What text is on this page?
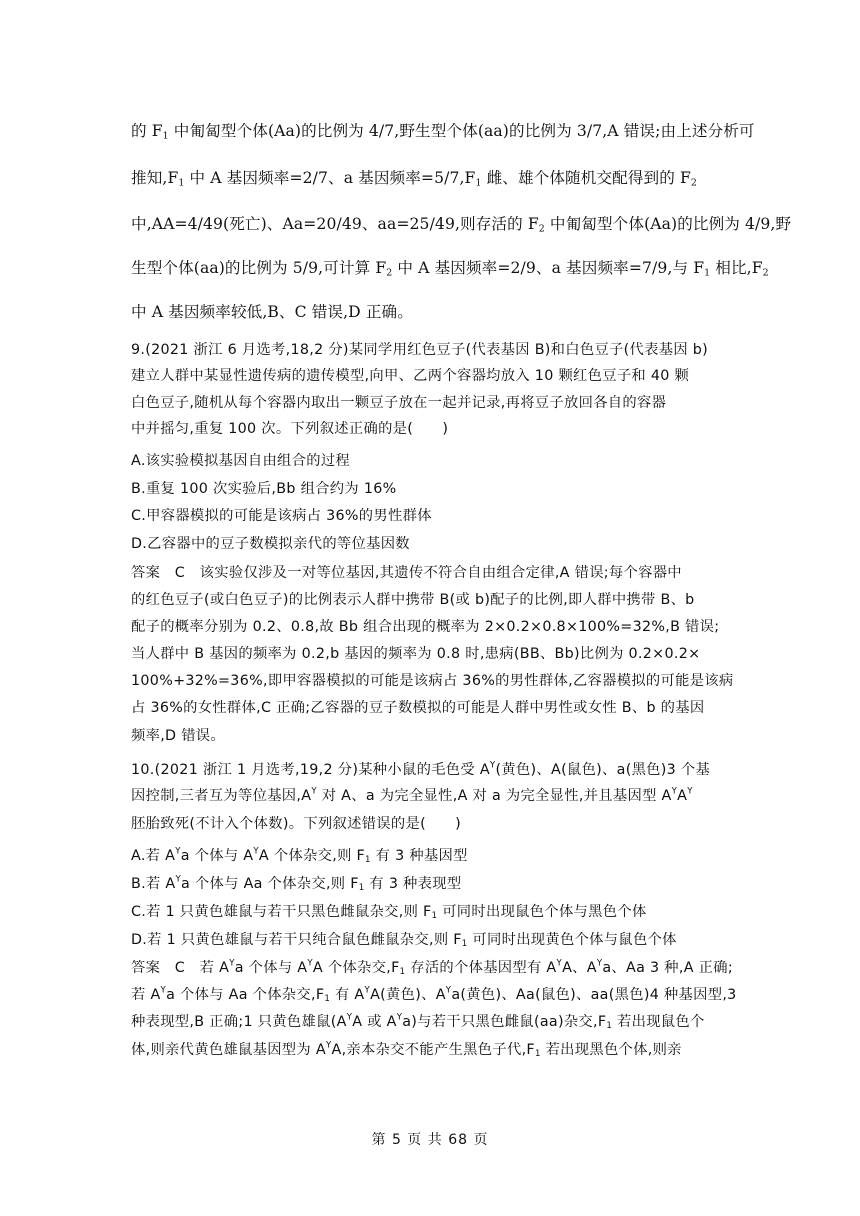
的 $F_1$ 中匍匐型个体(Aa)的比例为 4/7,野生型个体(aa)的比例为 3/7,A 错误;由上述分析可
推知$,F_1$ 中 A 基因频率=2/7、a 基因频率$=5/7,F_1$ 雌、雄个体随机交配得到的 $F_2$
中,AA=4/49(死亡)、Aa=20/49、aa=25/49,则存活的 $F_2$ 中匍匐型个体(Aa)的比例为 4/9,野
生型个体(aa)的比例为 5/9,可计算 $F_2$ 中 A 基因频率=2/9、a 基因频率=7/9,与 $F_1$ 相比$,F_2$
中 A 基因频率较低,B、C 错误,D 正确。
9.(2021 浙江 6 月选考,18,2 分)某同学用红色豆子(代表基因 B)和白色豆子(代表基因 b)
建立人群中某显性遗传病的遗传模型,向甲、乙两个容器均放入 10 颗红色豆子和 40 颗
白色豆子,随机从每个容器内取出一颗豆子放在一起并记录,再将豆子放回各自的容器
中并摇匀,重复 100 次。下列叙述正确的是(　　)
A.该实验模拟基因自由组合的过程
B.重复 100 次实验后,Bb 组合约为 16%
C.甲容器模拟的可能是该病占 36%的男性群体
D.乙容器中的豆子数模拟亲代的等位基因数
答案　C　该实验仅涉及一对等位基因,其遗传不符合自由组合定律,A 错误;每个容器中
的红色豆子(或白色豆子)的比例表示人群中携带 B(或 b)配子的比例,即人群中携带 B、b
配子的概率分别为 0.2、0.8,故 Bb 组合出现的概率为 2×0.2×0.8×100%=32%,B 错误;
当人群中 B 基因的频率为 0.2,b 基因的频率为 0.8 时,患病(BB、Bb)比例为 0.2×0.2×
100%+32%=36%,即甲容器模拟的可能是该病占 36%的男性群体,乙容器模拟的可能是该病
占 36%的女性群体,C 正确;乙容器的豆子数模拟的可能是人群中男性或女性 B、b 的基因
频率,D 错误。
10.(2021 浙江 1 月选考,19,2 分)某种小鼠的毛色受 $A^Y$(黄色)、A(鼠色)、a(黑色)3 个基
因控制,三者互为等位基因$,A^Y$ 对 A、a 为完全显性,A 对 a 为完全显性,并且基因型 $A^YA^Y$
胚胎致死(不计入个体数)。下列叙述错误的是(　　)
A.若 $A^Ya$ 个体与 $A^YA$ 个体杂交,则 $F_1$ 有 3 种基因型
B.若 $A^Ya$ 个体与 Aa 个体杂交,则 $F_1$ 有 3 种表现型
C.若 1 只黄色雄鼠与若干只黑色雌鼠杂交,则 $F_1$ 可同时出现鼠色个体与黑色个体
D.若 1 只黄色雄鼠与若干只纯合鼠色雌鼠杂交,则 $F_1$ 可同时出现黄色个体与鼠色个体
答案　C　若 $A^Ya$ 个体与 $A^YA$ 个体杂交$,F_1$ 存活的个体基因型有 $A^YA$、$A^Ya$、Aa 3 种,A 正确;
若 $A^Ya$ 个体与 Aa 个体杂交$,F_1$ 有 $A^YA$(黄色)、$A^Ya$(黄色)、Aa(鼠色)、aa(黑色)4 种基因型,3
种表现型,B 正确;1 只黄色雄鼠($A^YA$ 或 $A^Ya$)与若干只黑色雌鼠(aa)杂交$,F_1$ 若出现鼠色个
体,则亲代黄色雄鼠基因型为 $A^YA$,亲本杂交不能产生黑色子代$,F_1$ 若出现黑色个体,则亲
第 5 页 共 68 页
